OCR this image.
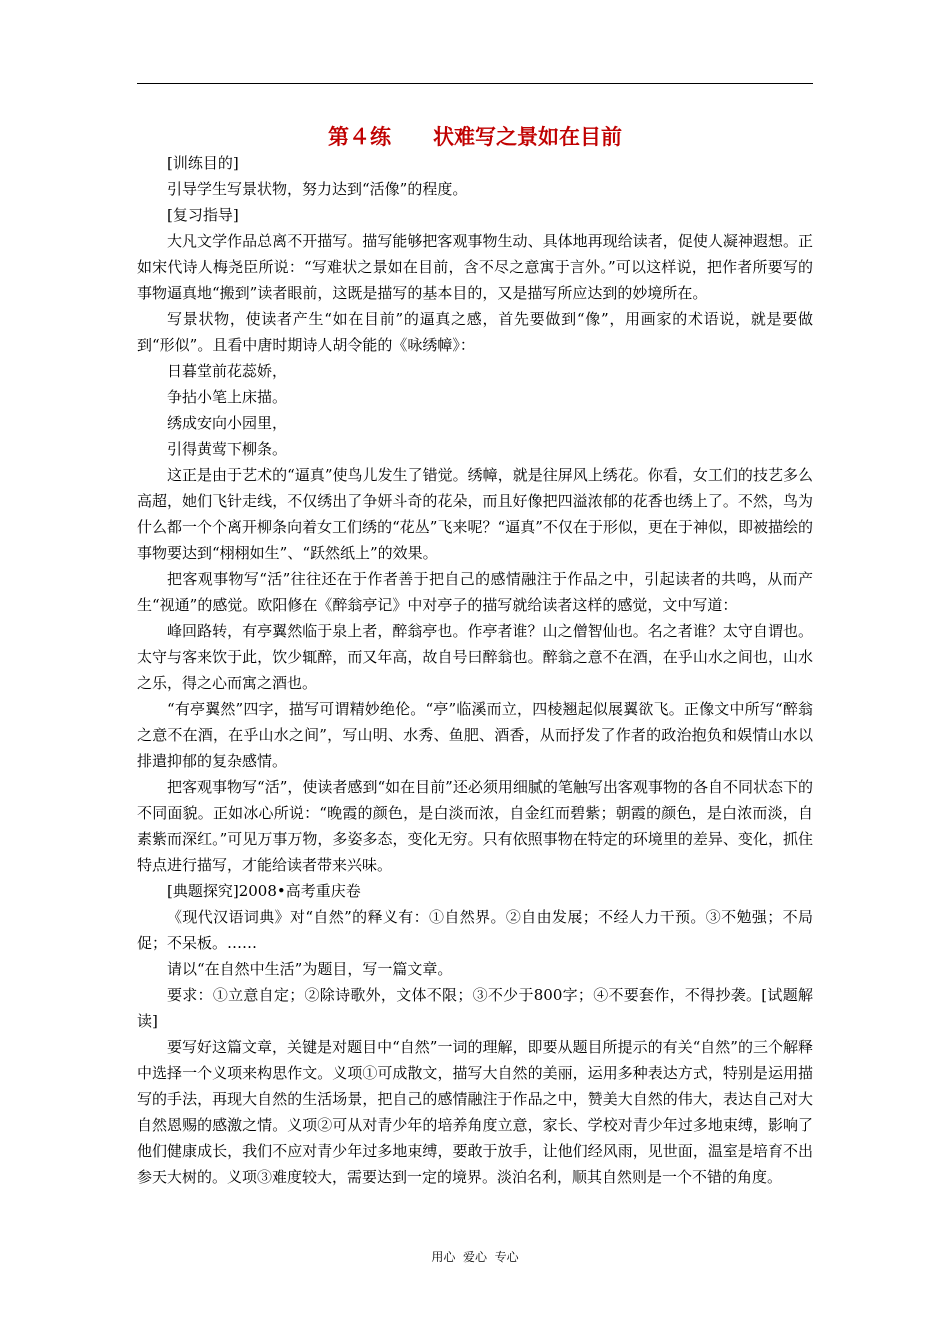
第４练　　状难写之景如在目前

[训练目的]

引导学生写景状物，努力达到“活像”的程度。

[复习指导]

大凡文学作品总离不开描写。描写能够把客观事物生动、具体地再现给读者，促使人凝神遐想。正如宋代诗人梅尧臣所说：“写难状之景如在目前，含不尽之意寓于言外。”可以这样说，把作者所要写的事物逼真地“搬到”读者眼前，这既是描写的基本目的，又是描写所应达到的妙境所在。

写景状物，使读者产生“如在目前”的逼真之感，首先要做到“像”，用画家的术语说，就是要做到“形似”。且看中唐时期诗人胡令能的《咏绣幛》：

日暮堂前花蕊娇，

争拈小笔上床描。

绣成安向小园里，

引得黄莺下柳条。

这正是由于艺术的“逼真”使鸟儿发生了错觉。绣幛，就是往屏风上绣花。你看，女工们的技艺多么高超，她们飞针走线，不仅绣出了争妍斗奇的花朵，而且好像把四溢浓郁的花香也绣上了。不然，鸟为什么都一个个离开柳条向着女工们绣的“花丛”飞来呢？“逼真”不仅在于形似，更在于神似，即被描绘的事物要达到“栩栩如生”、“跃然纸上”的效果。

把客观事物写“活”往往还在于作者善于把自己的感情融注于作品之中，引起读者的共鸣，从而产生“视通”的感觉。欧阳修在《醉翁亭记》中对亭子的描写就给读者这样的感觉，文中写道：

峰回路转，有亭翼然临于泉上者，醉翁亭也。作亭者谁？山之僧智仙也。名之者谁？太守自谓也。太守与客来饮于此，饮少辄醉，而又年高，故自号曰醉翁也。醉翁之意不在酒，在乎山水之间也，山水之乐，得之心而寓之酒也。

“有亭翼然”四字，描写可谓精妙绝伦。“亭”临溪而立，四棱翘起似展翼欲飞。正像文中所写“醉翁之意不在酒，在乎山水之间”，写山明、水秀、鱼肥、酒香，从而抒发了作者的政治抱负和娱情山水以排遣抑郁的复杂感情。

把客观事物写“活”，使读者感到“如在目前”还必须用细腻的笔触写出客观事物的各自不同状态下的不同面貌。正如冰心所说：“晚霞的颜色，是白淡而浓，自金红而碧紫；朝霞的颜色，是白浓而淡，自素紫而深红。”可见万事万物，多姿多态，变化无穷。只有依照事物在特定的环境里的差异、变化，抓住特点进行描写，才能给读者带来兴味。

[典题探究]2008•高考重庆卷

《现代汉语词典》对“自然”的释义有：①自然界。②自由发展；不经人力干预。③不勉强；不局促；不呆板。……

请以“在自然中生活”为题目，写一篇文章。

要求：①立意自定；②除诗歌外，文体不限；③不少于800字；④不要套作，不得抄袭。[试题解读]

要写好这篇文章，关键是对题目中“自然”一词的理解，即要从题目所提示的有关“自然”的三个解释中选择一个义项来构思作文。义项①可成散文，描写大自然的美丽，运用多种表达方式，特别是运用描写的手法，再现大自然的生活场景，把自己的感情融注于作品之中，赞美大自然的伟大，表达自己对大自然恩赐的感激之情。义项②可从对青少年的培养角度立意，家长、学校对青少年过多地束缚，影响了他们健康成长，我们不应对青少年过多地束缚，要敢于放手，让他们经风雨，见世面，温室是培育不出参天大树的。义项③难度较大，需要达到一定的境界。淡泊名利，顺其自然则是一个不错的角度。

用心  爱心  专心
